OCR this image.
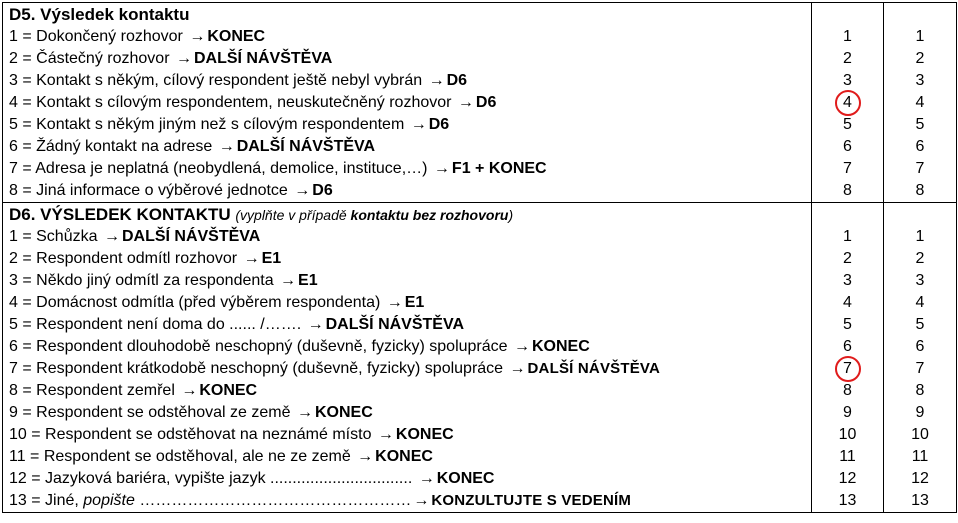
D5. Výsledek kontaktu		

1 = Dokončený rozhovor → KONEC	1	1

2 = Částečný rozhovor → DALŠÍ NÁVŠTĚVA	2	2

3 = Kontakt s někým, cílový respondent ještě nebyl vybrán → D6	3	3

4 = Kontakt s cílovým respondentem, neuskutečněný rozhovor → D6	4	4

5 = Kontakt s někým jiným než s cílovým respondentem → D6	5	5

6 = Žádný kontakt na adrese → DALŠÍ NÁVŠTĚVA	6	6

7 = Adresa je neplatná (neobydlená, demolice, instituce,…) → F1 + KONEC	7	7

8 = Jiná informace o výběrové jednotce → D6	8	8

D6. VÝSLEDEK KONTAKTU (vyplňte v případě kontaktu bez rozhovoru)		

1 = Schůzka → DALŠÍ NÁVŠTĚVA	1	1

2 = Respondent odmítl rozhovor → E1	2	2

3 = Někdo jiný odmítl za respondenta → E1	3	3

4 = Domácnost odmítla (před výběrem respondenta) → E1	4	4

5 = Respondent není doma do ...... /……. → DALŠÍ NÁVŠTĚVA	5	5

6 = Respondent dlouhodobě neschopný (duševně, fyzicky) spolupráce → KONEC	6	6

7 = Respondent krátkodobě neschopný (duševně, fyzicky) spolupráce → DALŠÍ NÁVŠTĚVA	7	7

8 = Respondent zemřel → KONEC	8	8

9 = Respondent se odstěhoval ze země → KONEC	9	9

10 = Respondent se odstěhovat na neznámé místo → KONEC	10	10

11 = Respondent se odstěhoval, ale ne ze země → KONEC	11	11

12 = Jazyková bariéra, vypište jazyk ................................ → KONEC	12	12

13 = Jiné, popište …………………………………………… → KONZULTUJTE S VEDENÍM	13	13
